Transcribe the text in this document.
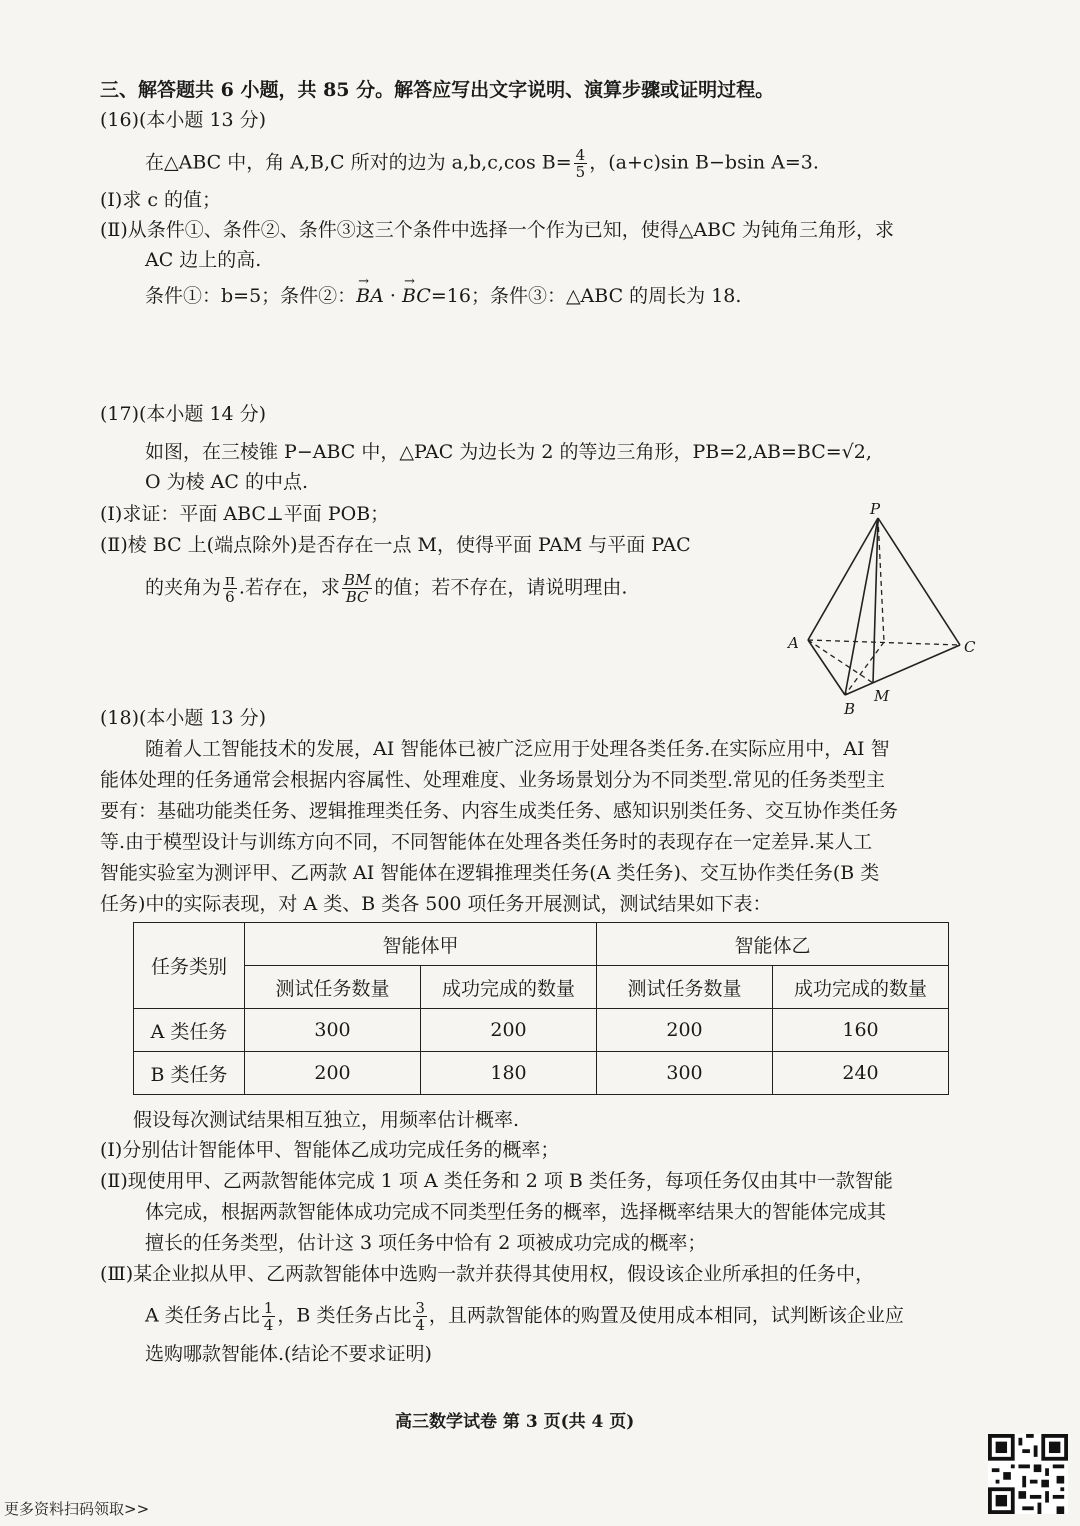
三、解答题共 6 小题，共 85 分。解答应写出文字说明、演算步骤或证明过程。
(16)(本小题 13 分)
在△ABC 中，角 A,B,C 所对的边为 a,b,c,cos $B= \frac{4}{5}$ ，(a+c)sin B−bsin A=3.
(Ⅰ)求 c 的值；
(Ⅱ)从条件①、条件②、条件③这三个条件中选择一个作为已知，使得△ABC 为钝角三角形，求
AC 边上的高.
条件①：b=5；条件②：→ BA · → BC=16；条件③：△ABC 的周长为 18.
(17)(本小题 14 分)
如图，在三棱锥 P−ABC 中，△PAC 为边长为 2 的等边三角形，PB=2,AB=BC=√2,
O 为棱 AC 的中点.
(Ⅰ)求证：平面 ABC⊥平面 POB；
(Ⅱ)棱 BC 上(端点除外)是否存在一点 M，使得平面 PAM 与平面 PAC
的夹角为 $\frac{\pi}{6}$ .若存在，求 $\frac{BM}{BC}$ 的值；若不存在，请说明理由.
P
A	C
B
M
(18)(本小题 13 分)
随着人工智能技术的发展，AI 智能体已被广泛应用于处理各类任务.在实际应用中，AI 智
能体处理的任务通常会根据内容属性、处理难度、业务场景划分为不同类型.常见的任务类型主
要有：基础功能类任务、逻辑推理类任务、内容生成类任务、感知识别类任务、交互协作类任务
等.由于模型设计与训练方向不同，不同智能体在处理各类任务时的表现存在一定差异.某人工
智能实验室为测评甲、乙两款 AI 智能体在逻辑推理类任务(A 类任务)、交互协作类任务(B 类
任务)中的实际表现，对 A 类、B 类各 500 项任务开展测试，测试结果如下表：
任务类别	智能体甲		智能体乙	
	测试任务数量	成功完成的数量	测试任务数量	成功完成的数量
A 类任务	300	200	200	160
B 类任务	200	180	300	240
假设每次测试结果相互独立，用频率估计概率.
(Ⅰ)分别估计智能体甲、智能体乙成功完成任务的概率；
(Ⅱ)现使用甲、乙两款智能体完成 1 项 A 类任务和 2 项 B 类任务，每项任务仅由其中一款智能
体完成，根据两款智能体成功完成不同类型任务的概率，选择概率结果大的智能体完成其
擅长的任务类型，估计这 3 项任务中恰有 2 项被成功完成的概率；
(Ⅲ)某企业拟从甲、乙两款智能体中选购一款并获得其使用权，假设该企业所承担的任务中，
A 类任务占比 $\frac{1}{4}$ ，B 类任务占比 $\frac{3}{4}$ ，且两款智能体的购置及使用成本相同，试判断该企业应
选购哪款智能体.(结论不要求证明)
高三数学试卷 第 3 页(共 4 页)
更多资料扫码领取>>
